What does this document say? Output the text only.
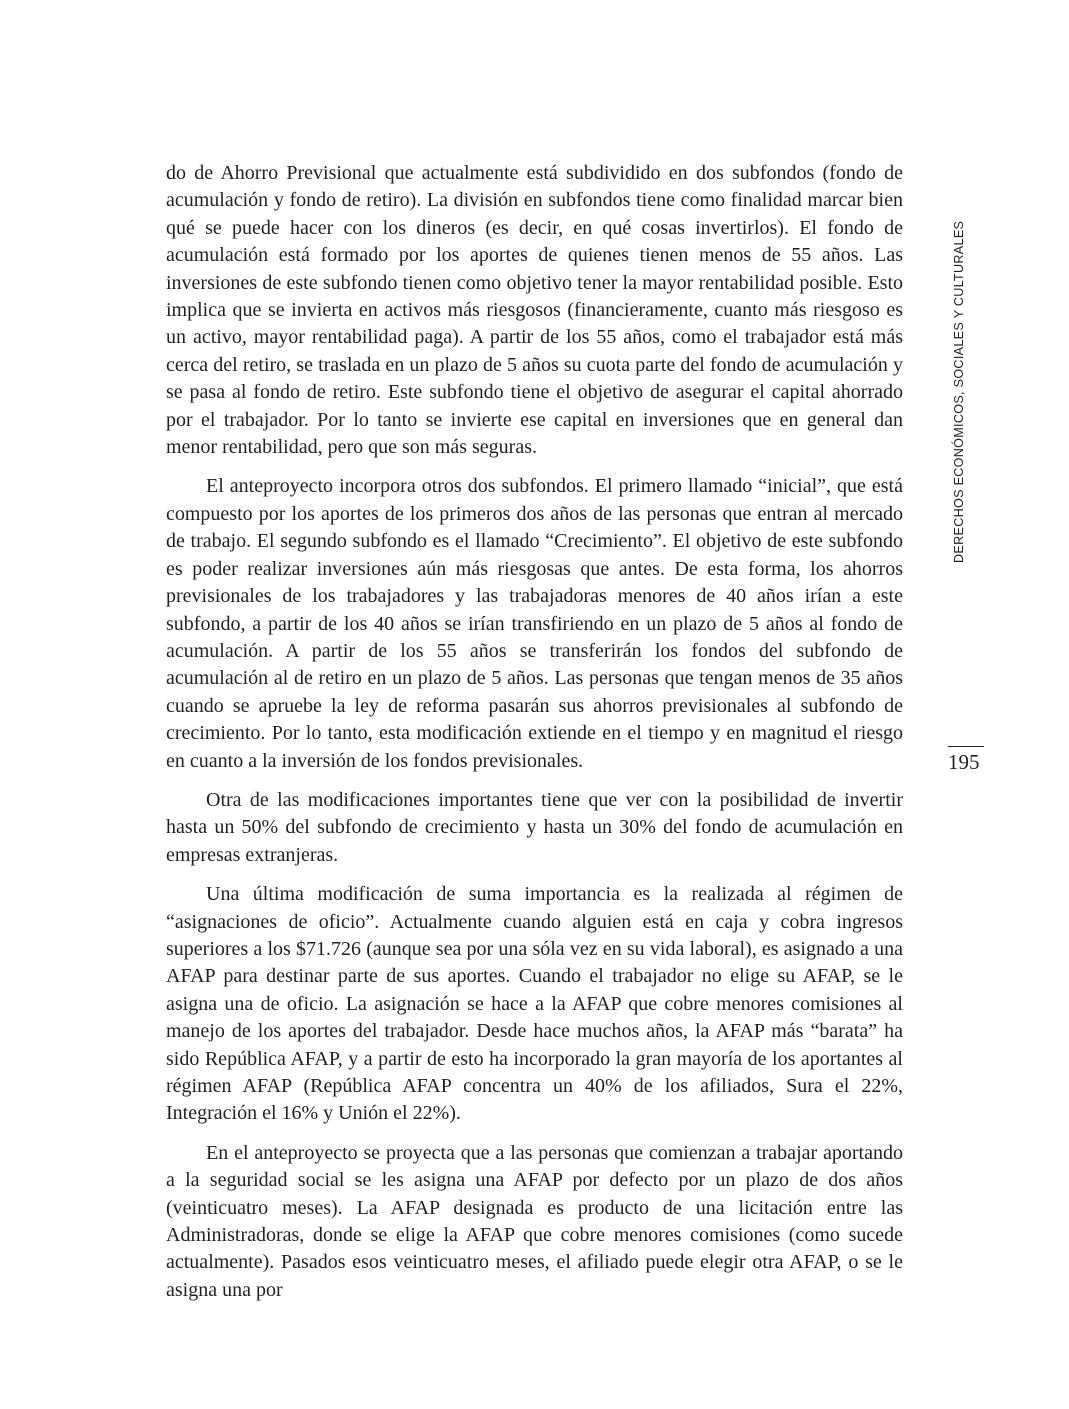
do de Ahorro Previsional que actualmente está subdividido en dos subfondos (fondo de acumulación y fondo de retiro). La división en subfondos tiene como finalidad marcar bien qué se puede hacer con los dineros (es decir, en qué cosas invertirlos). El fondo de acumulación está formado por los aportes de quienes tienen menos de 55 años. Las inversiones de este subfondo tienen como objetivo tener la mayor rentabilidad posible. Esto implica que se invierta en activos más riesgosos (financieramente, cuanto más riesgoso es un activo, mayor rentabilidad paga). A partir de los 55 años, como el trabajador está más cerca del retiro, se traslada en un plazo de 5 años su cuota parte del fondo de acumulación y se pasa al fondo de retiro. Este subfondo tiene el objetivo de asegurar el capital ahorrado por el trabajador. Por lo tanto se invierte ese capital en inversiones que en general dan menor rentabilidad, pero que son más seguras.

El anteproyecto incorpora otros dos subfondos. El primero llamado “inicial”, que está compuesto por los aportes de los primeros dos años de las personas que entran al mercado de trabajo. El segundo subfondo es el llamado “Crecimiento”. El objetivo de este subfondo es poder realizar inversiones aún más riesgosas que antes. De esta forma, los ahorros previsionales de los trabajadores y las trabajadoras menores de 40 años irían a este subfondo, a partir de los 40 años se irían transfiriendo en un plazo de 5 años al fondo de acumulación. A partir de los 55 años se transferirán los fondos del subfondo de acumulación al de retiro en un plazo de 5 años. Las personas que tengan menos de 35 años cuando se apruebe la ley de reforma pasarán sus ahorros previsionales al subfondo de crecimiento. Por lo tanto, esta modificación extiende en el tiempo y en magnitud el riesgo en cuanto a la inversión de los fondos previsionales.

Otra de las modificaciones importantes tiene que ver con la posibilidad de invertir hasta un 50% del subfondo de crecimiento y hasta un 30% del fondo de acumulación en empresas extranjeras.

Una última modificación de suma importancia es la realizada al régimen de “asignaciones de oficio”. Actualmente cuando alguien está en caja y cobra ingresos superiores a los $71.726 (aunque sea por una sóla vez en su vida laboral), es asignado a una AFAP para destinar parte de sus aportes. Cuando el trabajador no elige su AFAP, se le asigna una de oficio. La asignación se hace a la AFAP que cobre menores comisiones al manejo de los aportes del trabajador. Desde hace muchos años, la AFAP más “barata” ha sido República AFAP, y a partir de esto ha incorporado la gran mayoría de los aportantes al régimen AFAP (República AFAP concentra un 40% de los afiliados, Sura el 22%, Integración el 16% y Unión el 22%).

En el anteproyecto se proyecta que a las personas que comienzan a trabajar aportando a la seguridad social se les asigna una AFAP por defecto por un plazo de dos años (veinticuatro meses). La AFAP designada es producto de una licitación entre las Administradoras, donde se elige la AFAP que cobre menores comisiones (como sucede actualmente). Pasados esos veinticuatro meses, el afiliado puede elegir otra AFAP, o se le asigna una por

DERECHOS ECONÓMICOS, SOCIALES Y CULTURALES
195
